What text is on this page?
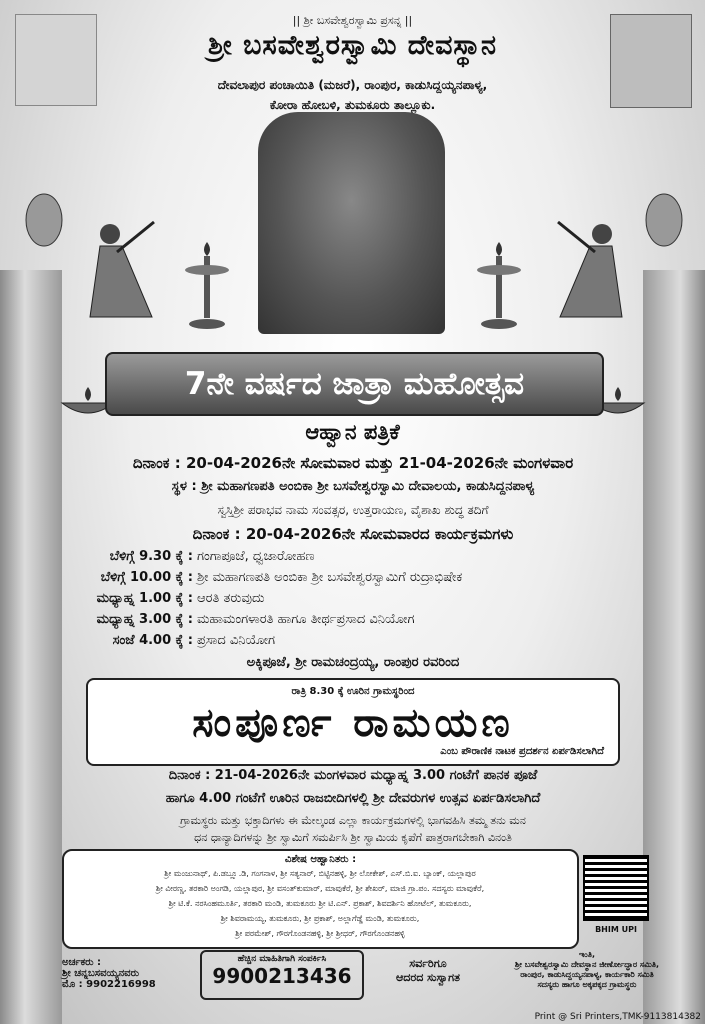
|| ಶ್ರೀ ಬಸವೇಶ್ವರಸ್ವಾಮಿ ಪ್ರಸನ್ನ ||
ಶ್ರೀ ಬಸವೇಶ್ವರಸ್ವಾಮಿ ದೇವಸ್ಥಾನ
ದೇವಲಾಪುರ ಪಂಚಾಯಿತಿ (ಮಜರೆ), ರಾಂಪುರ, ಕಾಡುಸಿದ್ದಯ್ಯನಪಾಳ್ಯ,
ಕೋರಾ ಹೋಬಳಿ, ತುಮಕೂರು ತಾಲ್ಲೂಕು.
7ನೇ ವರ್ಷದ ಜಾತ್ರಾ ಮಹೋತ್ಸವ
ಆಹ್ವಾನ ಪತ್ರಿಕೆ
ದಿನಾಂಕ : 20-04-2026ನೇ ಸೋಮವಾರ ಮತ್ತು 21-04-2026ನೇ ಮಂಗಳವಾರ
ಸ್ಥಳ : ಶ್ರೀ ಮಹಾಗಣಪತಿ ಅಂಬಿಕಾ ಶ್ರೀ ಬಸವೇಶ್ವರಸ್ವಾಮಿ ದೇವಾಲಯ, ಕಾಡುಸಿದ್ದನಪಾಳ್ಯ
ಸ್ವಸ್ತಿಶ್ರೀ ಪರಾಭವ ನಾಮ ಸಂವತ್ಸರ, ಉತ್ತರಾಯಣ, ವೈಶಾಖ ಶುದ್ಧ ತದಿಗೆ
ದಿನಾಂಕ : 20-04-2026ನೇ ಸೋಮವಾರದ ಕಾರ್ಯಕ್ರಮಗಳು
ಬೆಳಿಗ್ಗೆ 9.30 ಕ್ಕೆ : ಗಂಗಾಪೂಜೆ, ಧ್ವಜಾರೋಹಣ
ಬೆಳಿಗ್ಗೆ 10.00 ಕ್ಕೆ : ಶ್ರೀ ಮಹಾಗಣಪತಿ ಅಂಬಿಕಾ ಶ್ರೀ ಬಸವೇಶ್ವರಸ್ವಾಮಿಗೆ ರುದ್ರಾಭಿಷೇಕ
ಮಧ್ಯಾಹ್ನ 1.00 ಕ್ಕೆ : ಆರತಿ ತರುವುದು
ಮಧ್ಯಾಹ್ನ 3.00 ಕ್ಕೆ : ಮಹಾಮಂಗಳಾರತಿ ಹಾಗೂ ತೀರ್ಥಪ್ರಸಾದ ವಿನಿಯೋಗ
ಸಂಜೆ 4.00 ಕ್ಕೆ : ಪ್ರಸಾದ ವಿನಿಯೋಗ
ಅಕ್ಕಿಪೂಜೆ, ಶ್ರೀ ರಾಮಚಂದ್ರಯ್ಯ, ರಾಂಪುರ ರವರಿಂದ
ರಾತ್ರಿ 8.30 ಕ್ಕೆ ಊರಿನ ಗ್ರಾಮಸ್ಥರಿಂದ
ಸಂಪೂರ್ಣ ರಾಮಯಣ
ಎಂಬ ಪೌರಾಣಿಕ ನಾಟಕ ಪ್ರದರ್ಶನ ಏರ್ಪಡಿಸಲಾಗಿದೆ
ದಿನಾಂಕ : 21-04-2026ನೇ ಮಂಗಳವಾರ ಮಧ್ಯಾಹ್ನ 3.00 ಗಂಟೆಗೆ ಪಾನಕ ಪೂಜೆ
ಹಾಗೂ 4.00 ಗಂಟೆಗೆ ಊರಿನ ರಾಜಬೀದಿಗಳಲ್ಲಿ ಶ್ರೀ ದೇವರುಗಳ ಉತ್ಸವ ಏರ್ಪಡಿಸಲಾಗಿದೆ
ಗ್ರಾಮಸ್ಥರು ಮತ್ತು ಭಕ್ತಾದಿಗಳು ಈ ಮೇಲ್ಕಂಡ ಎಲ್ಲಾ ಕಾರ್ಯಕ್ರಮಗಳಲ್ಲಿ ಭಾಗವಹಿಸಿ ತಮ್ಮ ತನು ಮನ
ಧನ ಧಾನ್ಯಾದಿಗಳನ್ನು ಶ್ರೀ ಸ್ವಾಮಿಗೆ ಸಮರ್ಪಿಸಿ ಶ್ರೀ ಸ್ವಾಮಿಯ ಕೃಪೆಗೆ ಪಾತ್ರರಾಗಬೇಕಾಗಿ ವಿನಂತಿ
ವಿಶೇಷ ಆಹ್ವಾನಿತರು :
ಶ್ರೀ ಮಂಜುನಾಥ್, ಪಿ.ಡಬ್ಲ್ಯೂ.ಡಿ, ಗಂಗನಾಳ, ಶ್ರೀ ಸತ್ಯನಾರ್, ಬಿಟ್ಟಿನಹಳ್ಳಿ, ಶ್ರೀ ಲೋಕೇಶ್, ಎಸ್.ಬಿ.ಐ. ಬ್ಯಾಂಕ್, ಯಲ್ಲಾಪುರ
ಶ್ರೀ ವೀರಣ್ಣ, ತರಕಾರಿ ಅಂಗಡಿ, ಯಲ್ಲಾಪುರ, ಶ್ರೀ ವಸಂತ್‌ಕುಮಾರ್, ಮಾವುಕೆರೆ, ಶ್ರೀ ಶೇಖರ್, ಮಾಜಿ ಗ್ರಾ.ಪಂ. ಸದಸ್ಯರು ಮಾವುಕೆರೆ,
ಶ್ರೀ ಟಿ.ಕೆ. ನರಸಿಂಹಮೂರ್ತಿ, ತರಕಾರಿ ಮಂಡಿ, ತುಮಕೂರು ಶ್ರೀ ಟಿ.ಎನ್. ಪ್ರಕಾಶ್, ಶಿವದರ್ಶಿನಿ ಹೋಟೆಲ್, ತುಮಕೂರು,
ಶ್ರೀ ಶಿವರಾಮಯ್ಯ, ತುಮಕೂರು, ಶ್ರೀ ಪ್ರಕಾಶ್, ಅಲ್ಲಾಗೆಡ್ಡೆ ಮಂಡಿ, ತುಮಕೂರು,
ಶ್ರೀ ಪರಮೇಶ್, ಗೌರಗೊಂಡನಹಳ್ಳಿ, ಶ್ರೀ ಶ್ರೀಧರ್, ಗೌರಗೊಂಡನಹಳ್ಳಿ	BHIM UPI
ಅರ್ಚಕರು :
ಶ್ರೀ ಚನ್ನಬಸವಯ್ಯನವರು
ಮೊ : 9902216998
ಹೆಚ್ಚಿನ ಮಾಹಿತಿಗಾಗಿ ಸಂಪರ್ಕಿಸಿ
9900213436
ಸರ್ವರಿಗೂ
ಆದರದ ಸುಸ್ವಾಗತ
ಇಂತಿ,
ಶ್ರೀ ಬಸವೇಶ್ವರಸ್ವಾಮಿ ದೇವಸ್ಥಾನ ಜೀರ್ಣೋದ್ಧಾರ ಸಮಿತಿ,
ರಾಂಪುರ, ಕಾಡುಸಿದ್ದಯ್ಯನಪಾಳ್ಯ, ಕಾರ್ಯಕಾರಿ ಸಮಿತಿ
ಸದಸ್ಯರು ಹಾಗೂ ಅಕ್ಕಪಕ್ಕದ ಗ್ರಾಮಸ್ಥರು
Print @ Sri Printers,TMK-9113814382
